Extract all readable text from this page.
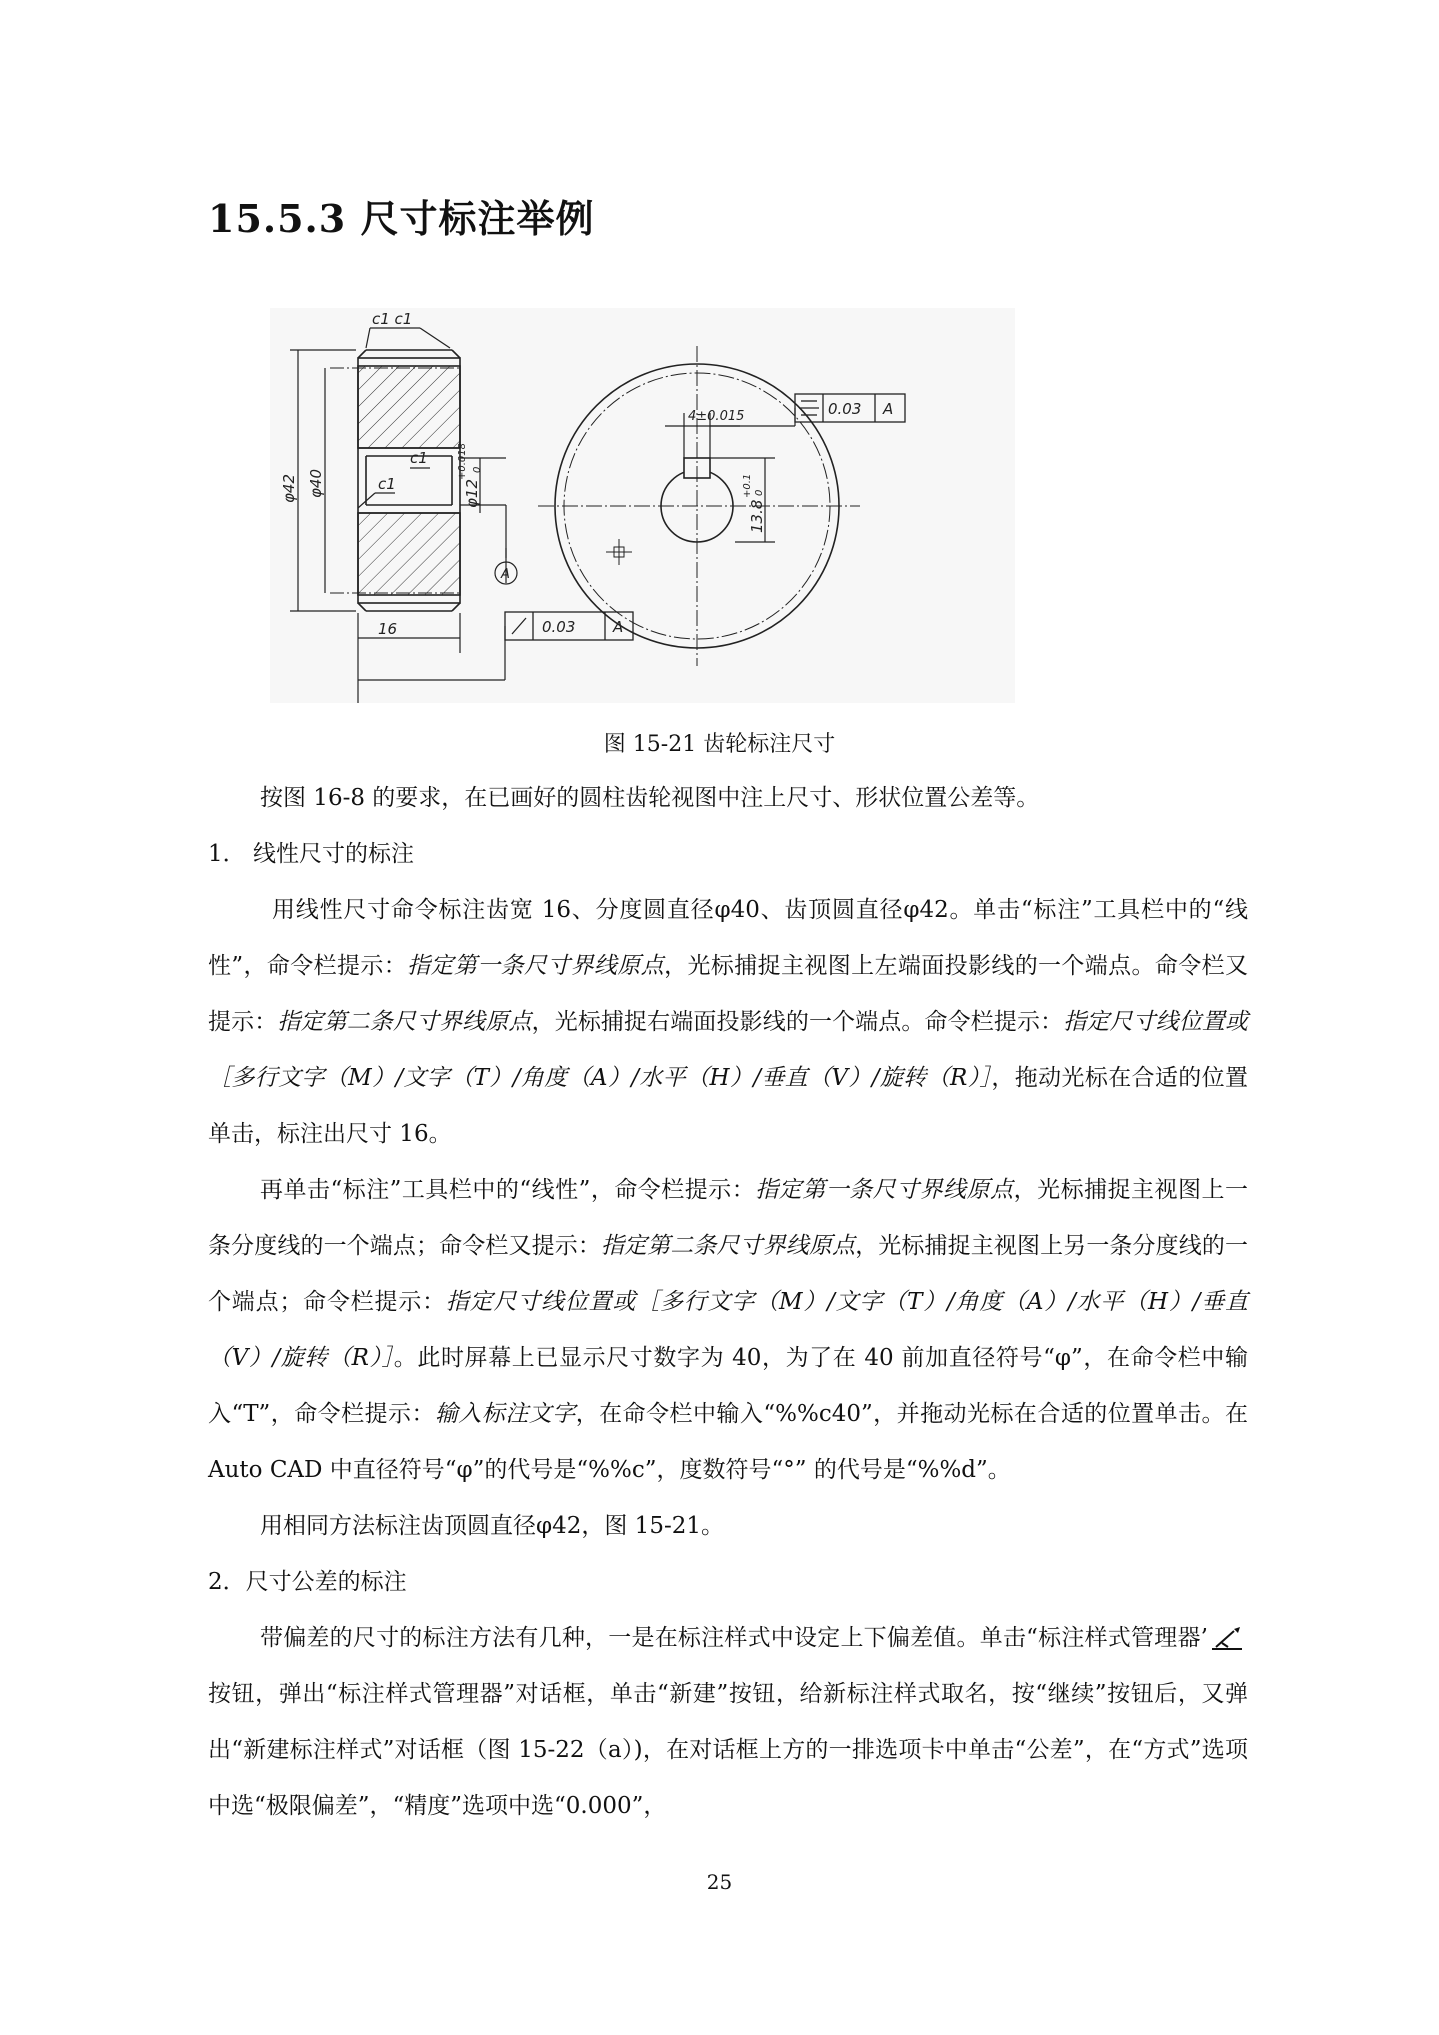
15.5.3 尺寸标注举例
c1 c1
c1
c1
16	0.03	A
A
φ42 φ40	φ12
+0.018 0
4±0.015	0.03 A
13.8
+0.1 0
图 15-21 齿轮标注尺寸

按图 16-8 的要求，在已画好的圆柱齿轮视图中注上尺寸、形状位置公差等。

1． 线性尺寸的标注

用线性尺寸命令标注齿宽 16、分度圆直径φ40、齿顶圆直径φ42。单击“标注”工具栏中的“线性”，命令栏提示：指定第一条尺寸界线原点，光标捕捉主视图上左端面投影线的一个端点。命令栏又提示：指定第二条尺寸界线原点，光标捕捉右端面投影线的一个端点。命令栏提示：指定尺寸线位置或［多行文字（M）/文字（T）/角度（A）/水平（H）/垂直（V）/旋转（R）］，拖动光标在合适的位置单击，标注出尺寸 16。

再单击“标注”工具栏中的“线性”，命令栏提示：指定第一条尺寸界线原点，光标捕捉主视图上一条分度线的一个端点；命令栏又提示：指定第二条尺寸界线原点，光标捕捉主视图上另一条分度线的一个端点；命令栏提示：指定尺寸线位置或［多行文字（M）/文字（T）/角度（A）/水平（H）/垂直（V）/旋转（R）］。此时屏幕上已显示尺寸数字为 40，为了在 40 前加直径符号“φ”，在命令栏中输入“T”，命令栏提示：输入标注文字，在命令栏中输入“%%c40”，并拖动光标在合适的位置单击。在 Auto CAD 中直径符号“φ”的代号是“%%c”，度数符号“°” 的代号是“%%d”。

用相同方法标注齿顶圆直径φ42，图 15-21。

2．尺寸公差的标注

带偏差的尺寸的标注方法有几种，一是在标注样式中设定上下偏差值。单击“标注样式管理器’ 按钮，弹出“标注样式管理器”对话框，单击“新建”按钮，给新标注样式取名，按“继续”按钮后，又弹出“新建标注样式”对话框（图 15-22（a）)，在对话框上方的一排选项卡中单击“公差”，在“方式”选项中选“极限偏差”，“精度”选项中选“0.000”，

25
